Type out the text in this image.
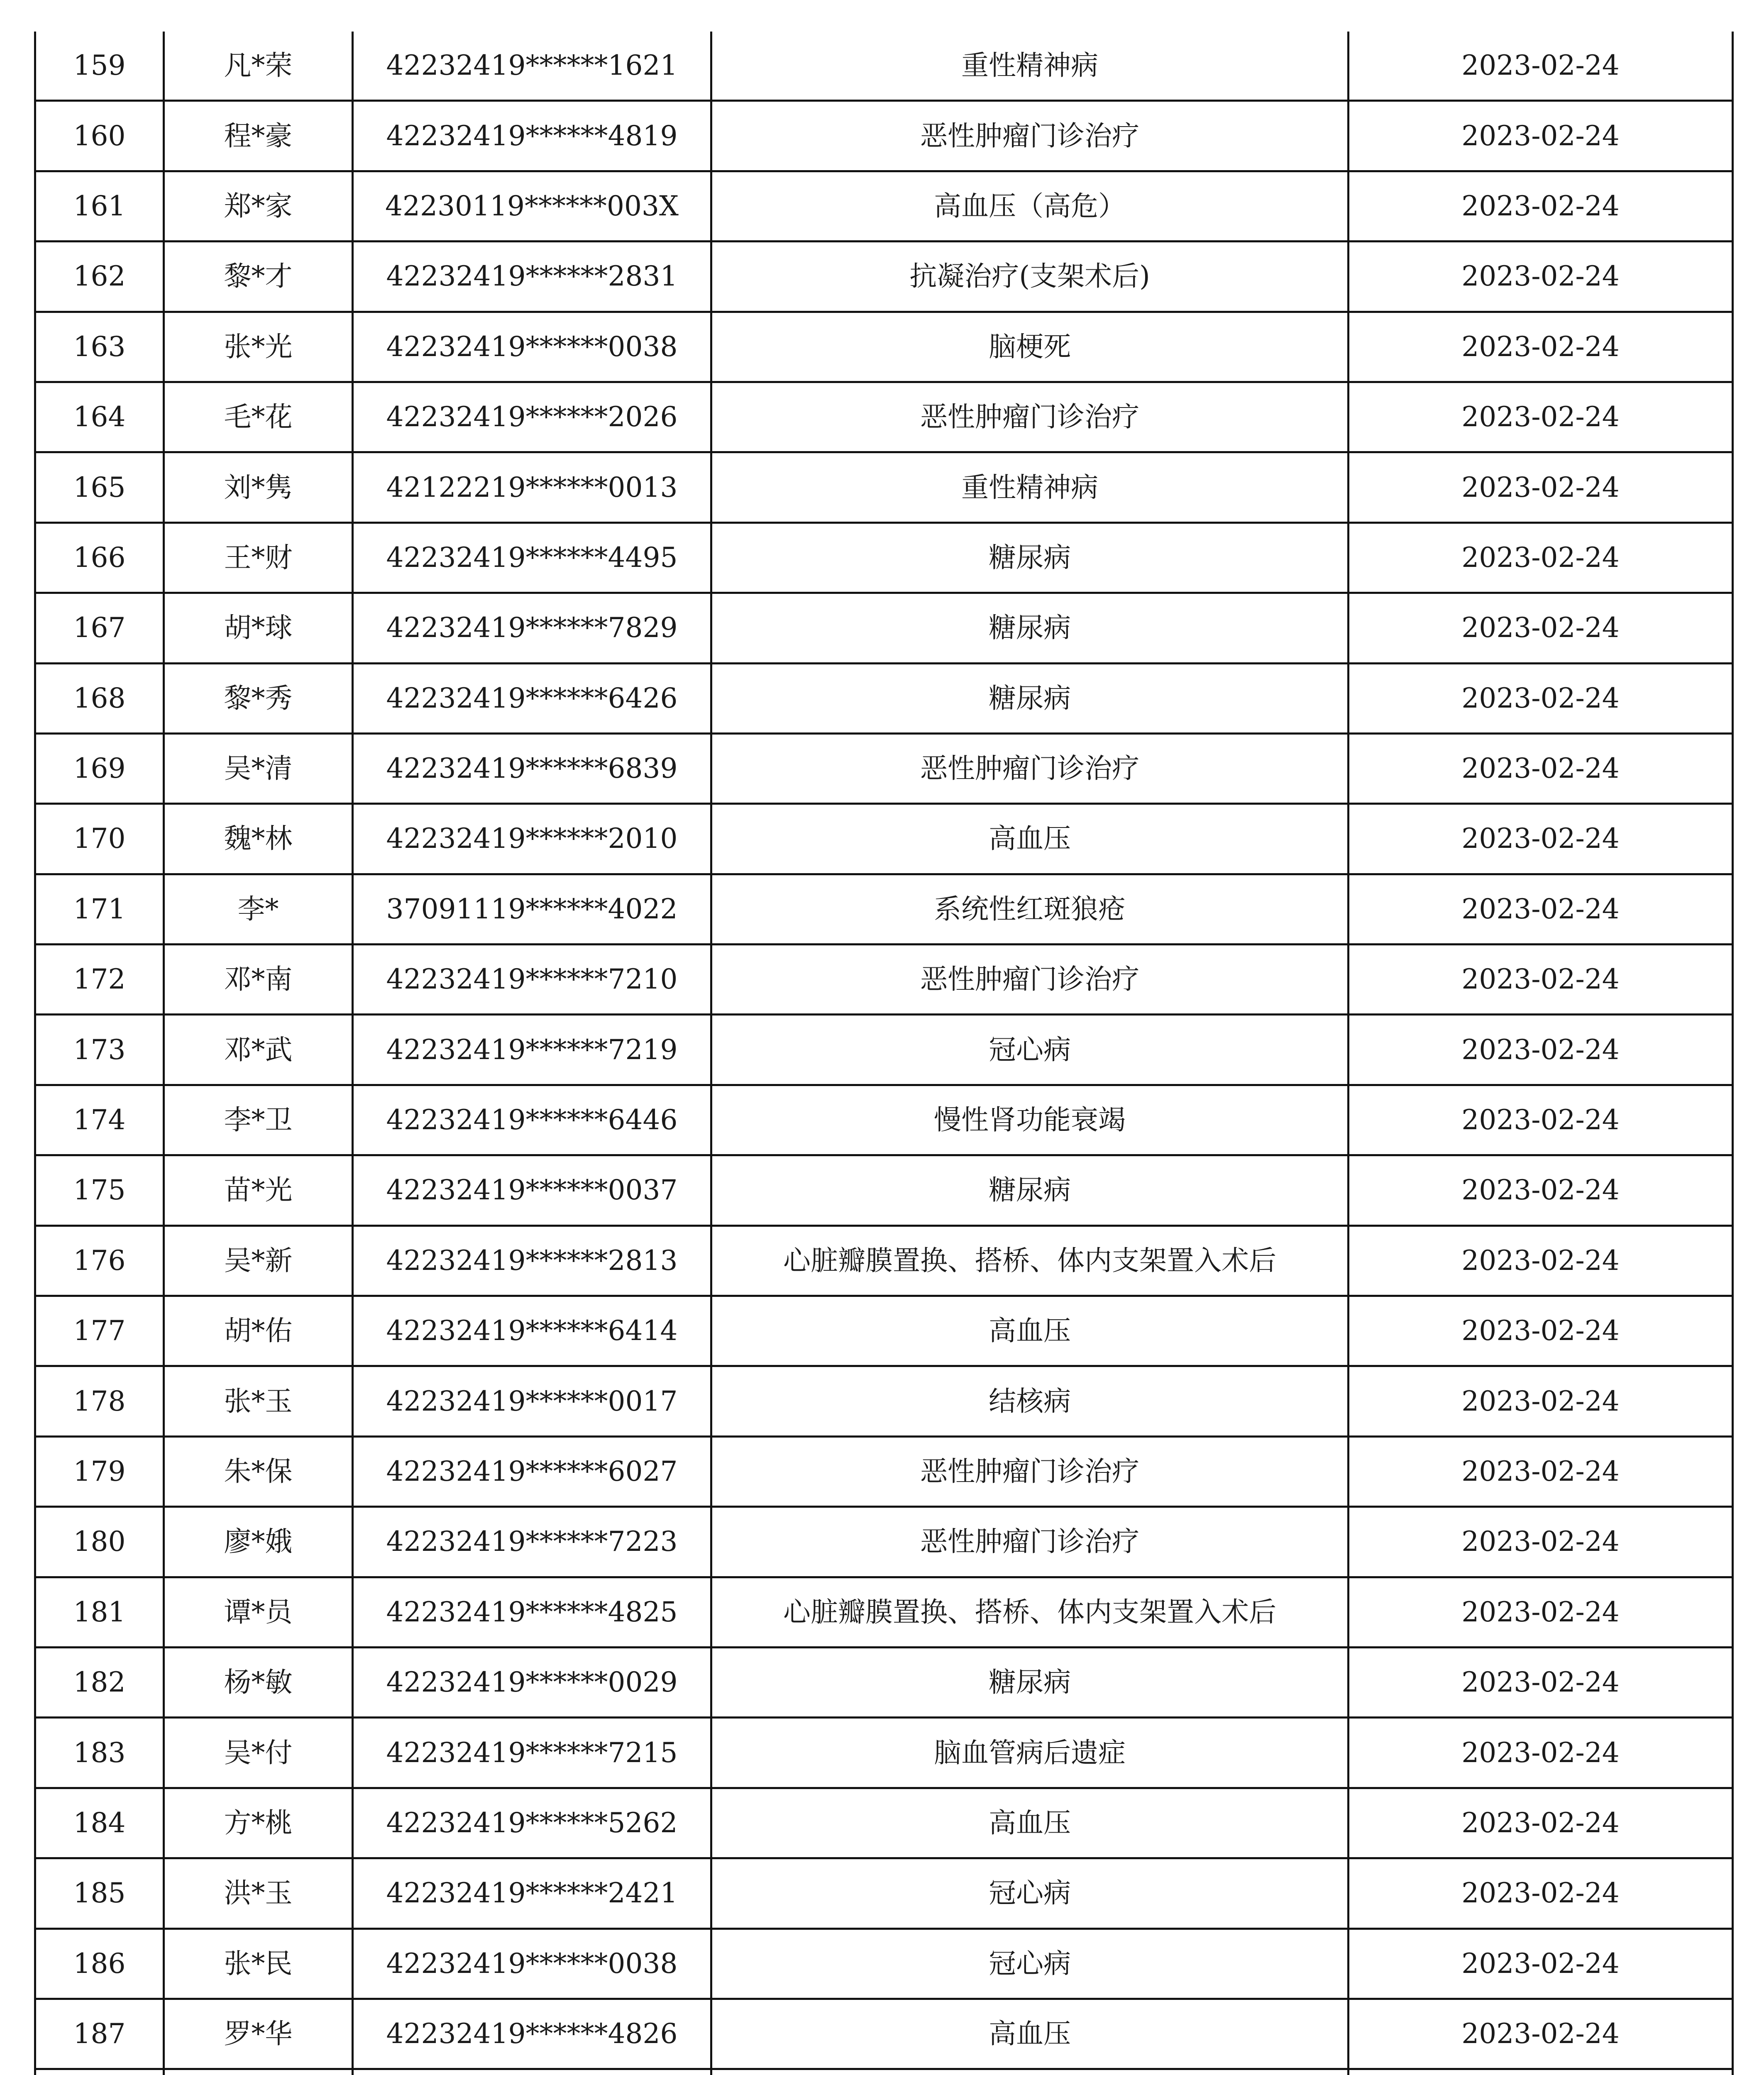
159	凡*荣	42232419******1621	重性精神病	2023-02-24
160	程*豪	42232419******4819	恶性肿瘤门诊治疗	2023-02-24
161	郑*家	42230119******003X	高血压（高危）	2023-02-24
162	黎*才	42232419******2831	抗凝治疗(支架术后)	2023-02-24
163	张*光	42232419******0038	脑梗死	2023-02-24
164	毛*花	42232419******2026	恶性肿瘤门诊治疗	2023-02-24
165	刘*隽	42122219******0013	重性精神病	2023-02-24
166	王*财	42232419******4495	糖尿病	2023-02-24
167	胡*球	42232419******7829	糖尿病	2023-02-24
168	黎*秀	42232419******6426	糖尿病	2023-02-24
169	吴*清	42232419******6839	恶性肿瘤门诊治疗	2023-02-24
170	魏*林	42232419******2010	高血压	2023-02-24
171	李*	37091119******4022	系统性红斑狼疮	2023-02-24
172	邓*南	42232419******7210	恶性肿瘤门诊治疗	2023-02-24
173	邓*武	42232419******7219	冠心病	2023-02-24
174	李*卫	42232419******6446	慢性肾功能衰竭	2023-02-24
175	苗*光	42232419******0037	糖尿病	2023-02-24
176	吴*新	42232419******2813	心脏瓣膜置换、搭桥、体内支架置入术后	2023-02-24
177	胡*佑	42232419******6414	高血压	2023-02-24
178	张*玉	42232419******0017	结核病	2023-02-24
179	朱*保	42232419******6027	恶性肿瘤门诊治疗	2023-02-24
180	廖*娥	42232419******7223	恶性肿瘤门诊治疗	2023-02-24
181	谭*员	42232419******4825	心脏瓣膜置换、搭桥、体内支架置入术后	2023-02-24
182	杨*敏	42232419******0029	糖尿病	2023-02-24
183	吴*付	42232419******7215	脑血管病后遗症	2023-02-24
184	方*桃	42232419******5262	高血压	2023-02-24
185	洪*玉	42232419******2421	冠心病	2023-02-24
186	张*民	42232419******0038	冠心病	2023-02-24
187	罗*华	42232419******4826	高血压	2023-02-24
